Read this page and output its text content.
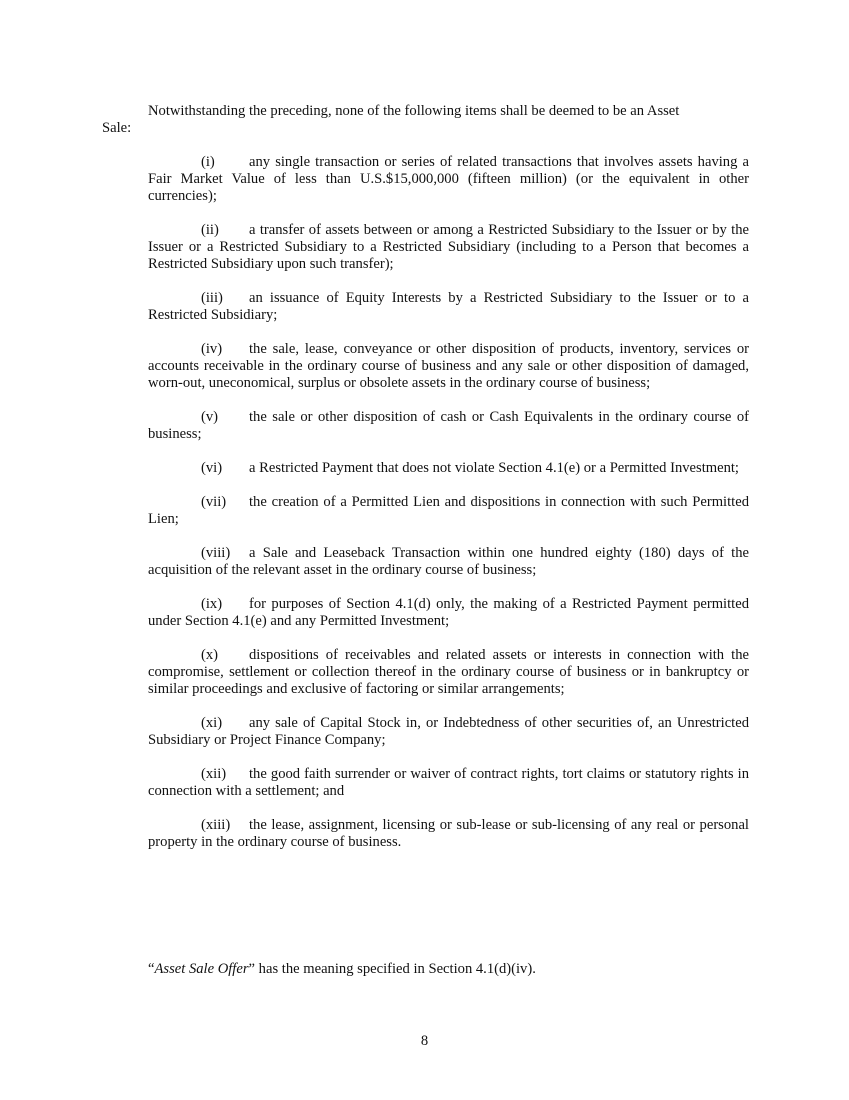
Notwithstanding the preceding, none of the following items shall be deemed to be an Asset
Sale:

(i) any single transaction or series of related transactions that involves assets having a Fair Market Value of less than U.S.$15,000,000 (fifteen million) (or the equivalent in other currencies);

(ii) a transfer of assets between or among a Restricted Subsidiary to the Issuer or by the Issuer or a Restricted Subsidiary to a Restricted Subsidiary (including to a Person that becomes a Restricted Subsidiary upon such transfer);

(iii) an issuance of Equity Interests by a Restricted Subsidiary to the Issuer or to a Restricted Subsidiary;

(iv) the sale, lease, conveyance or other disposition of products, inventory, services or accounts receivable in the ordinary course of business and any sale or other disposition of damaged, worn-out, uneconomical, surplus or obsolete assets in the ordinary course of business;

(v) the sale or other disposition of cash or Cash Equivalents in the ordinary course of business;

(vi) a Restricted Payment that does not violate Section 4.1(e) or a Permitted Investment;

(vii) the creation of a Permitted Lien and dispositions in connection with such Permitted Lien;

(viii) a Sale and Leaseback Transaction within one hundred eighty (180) days of the acquisition of the relevant asset in the ordinary course of business;

(ix) for purposes of Section 4.1(d) only, the making of a Restricted Payment permitted under Section 4.1(e) and any Permitted Investment;

(x) dispositions of receivables and related assets or interests in connection with the compromise, settlement or collection thereof in the ordinary course of business or in bankruptcy or similar proceedings and exclusive of factoring or similar arrangements;

(xi) any sale of Capital Stock in, or Indebtedness of other securities of, an Unrestricted Subsidiary or Project Finance Company;

(xii) the good faith surrender or waiver of contract rights, tort claims or statutory rights in connection with a settlement; and

(xiii) the lease, assignment, licensing or sub-lease or sub-licensing of any real or personal property in the ordinary course of business.

“Asset Sale Offer” has the meaning specified in Section 4.1(d)(iv).
8
